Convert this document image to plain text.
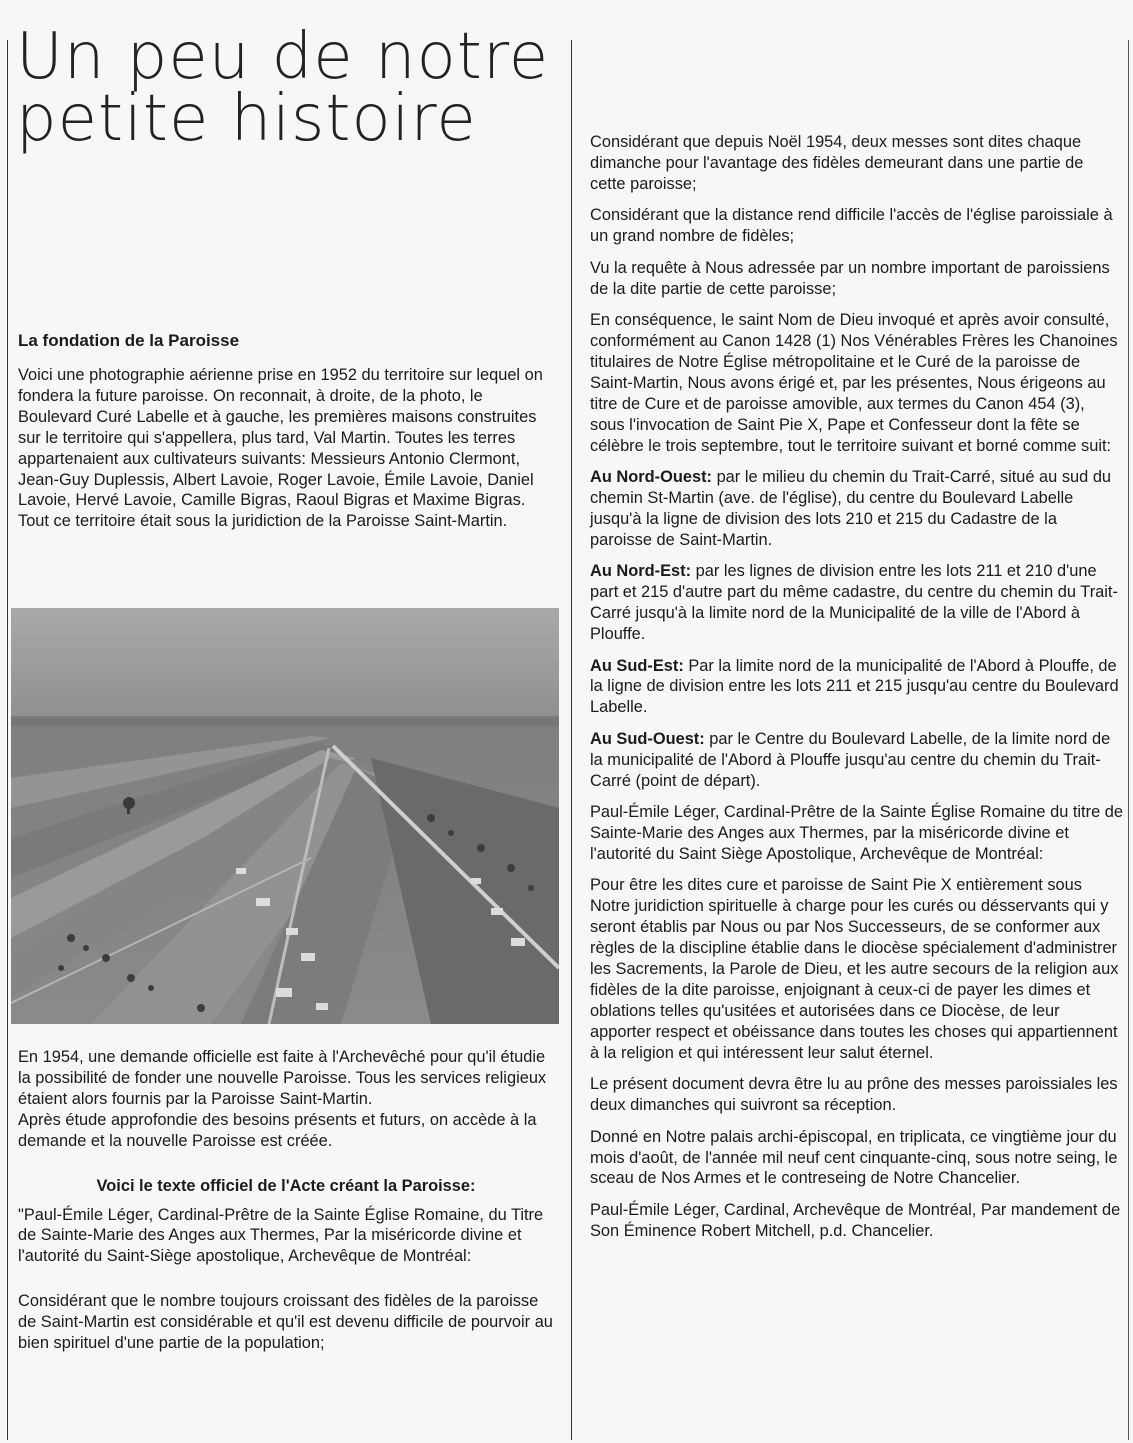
Un peu de notre
petite histoire
La fondation de la Paroisse

Voici une photographie aérienne prise en 1952 du territoire sur lequel on fondera la future paroisse. On reconnait, à droite, de la photo, le Boulevard Curé Labelle et à gauche, les premières maisons construites sur le territoire qui s'appellera, plus tard, Val Martin. Toutes les terres appartenaient aux cultivateurs suivants: Messieurs Antonio Clermont, Jean-Guy Duplessis, Albert Lavoie, Roger Lavoie, Émile Lavoie, Daniel Lavoie, Hervé Lavoie, Camille Bigras, Raoul Bigras et Maxime Bigras.

Tout ce territoire était sous la juridiction de la Paroisse Saint-Martin.

En 1954, une demande officielle est faite à l'Archevêché pour qu'il étudie la possibilité de fonder une nouvelle Paroisse. Tous les services religieux étaient alors fournis par la Paroisse Saint-Martin.

Après étude approfondie des besoins présents et futurs, on accède à la demande et la nouvelle Paroisse est créée.

Voici le texte officiel de l'Acte créant la Paroisse:

"Paul-Émile Léger, Cardinal-Prêtre de la Sainte Église Romaine, du Titre de Sainte-Marie des Anges aux Thermes, Par la miséricorde divine et l'autorité du Saint-Siège apostolique, Archevêque de Montréal:

Considérant que le nombre toujours croissant des fidèles de la paroisse de Saint-Martin est considérable et qu'il est devenu difficile de pourvoir au bien spirituel d'une partie de la population;

Considérant que depuis Noël 1954, deux messes sont dites chaque dimanche pour l'avantage des fidèles demeurant dans une partie de cette paroisse;

Considérant que la distance rend difficile l'accès de l'église paroissiale à un grand nombre de fidèles;

Vu la requête à Nous adressée par un nombre important de paroissiens de la dite partie de cette paroisse;

En conséquence, le saint Nom de Dieu invoqué et après avoir consulté, conformément au Canon 1428 (1) Nos Vénérables Frères les Chanoines titulaires de Notre Église métropolitaine et le Curé de la paroisse de Saint-Martin, Nous avons érigé et, par les présentes, Nous érigeons au titre de Cure et de paroisse amovible, aux termes du Canon 454 (3), sous l'invocation de Saint Pie X, Pape et Confesseur dont la fête se célèbre le trois septembre, tout le territoire suivant et borné comme suit:

Au Nord-Ouest: par le milieu du chemin du Trait-Carré, situé au sud du chemin St-Martin (ave. de l'église), du centre du Boulevard Labelle jusqu'à la ligne de division des lots 210 et 215 du Cadastre de la paroisse de Saint-Martin.

Au Nord-Est: par les lignes de division entre les lots 211 et 210 d'une part et 215 d'autre part du même cadastre, du centre du chemin du Trait-Carré jusqu'à la limite nord de la Municipalité de la ville de l'Abord à Plouffe.

Au Sud-Est: Par la limite nord de la municipalité de l'Abord à Plouffe, de la ligne de division entre les lots 211 et 215 jusqu'au centre du Boulevard Labelle.

Au Sud-Ouest: par le Centre du Boulevard Labelle, de la limite nord de la municipalité de l'Abord à Plouffe jusqu'au centre du chemin du Trait-Carré (point de départ).

Paul-Émile Léger, Cardinal-Prêtre de la Sainte Église Romaine du titre de Sainte-Marie des Anges aux Thermes, par la miséricorde divine et l'autorité du Saint Siège Apostolique, Archevêque de Montréal:

Pour être les dites cure et paroisse de Saint Pie X entièrement sous Notre juridiction spirituelle à charge pour les curés ou désservants qui y seront établis par Nous ou par Nos Successeurs, de se conformer aux règles de la discipline établie dans le diocèse spécialement d'administrer les Sacrements, la Parole de Dieu, et les autre secours de la religion aux fidèles de la dite paroisse, enjoignant à ceux-ci de payer les dimes et oblations telles qu'usitées et autorisées dans ce Diocèse, de leur apporter respect et obéissance dans toutes les choses qui appartiennent à la religion et qui intéressent leur salut éternel.

Le présent document devra être lu au prône des messes paroissiales les deux dimanches qui suivront sa réception.

Donné en Notre palais archi-épiscopal, en triplicata, ce vingtième jour du mois d'août, de l'année mil neuf cent cinquante-cinq, sous notre seing, le sceau de Nos Armes et le contreseing de Notre Chancelier.

Paul-Émile Léger, Cardinal, Archevêque de Montréal, Par mandement de Son Éminence Robert Mitchell, p.d. Chancelier.
